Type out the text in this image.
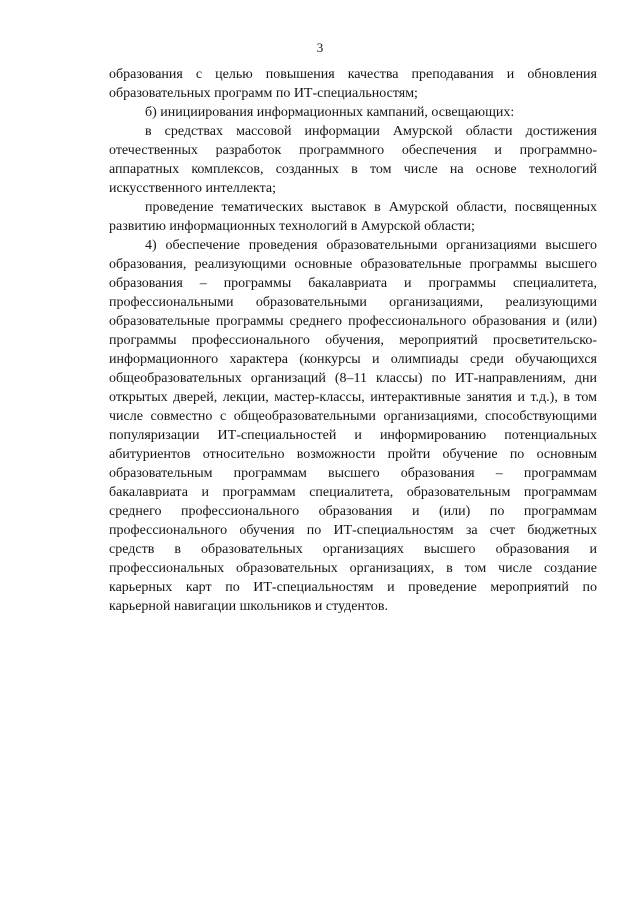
3
образования с целью повышения качества преподавания и обновления
образовательных программ по ИТ-специальностям;
б) инициирования информационных кампаний, освещающих:
в средствах массовой информации Амурской области достижения
отечественных разработок программного обеспечения и программно-
аппаратных комплексов, созданных в том числе на основе технологий
искусственного интеллекта;
проведение тематических выставок в Амурской области, посвященных
развитию информационных технологий в Амурской области;
4) обеспечение проведения образовательными организациями высшего
образования, реализующими основные образовательные программы высшего
образования – программы бакалавриата и программы специалитета,
профессиональными образовательными организациями, реализующими
образовательные программы среднего профессионального образования и (или)
программы профессионального обучения, мероприятий просветительско-
информационного характера (конкурсы и олимпиады среди обучающихся
общеобразовательных организаций (8–11 классы) по ИТ-направлениям, дни
открытых дверей, лекции, мастер-классы, интерактивные занятия и т.д.), в том
числе совместно с общеобразовательными организациями, способствующими
популяризации ИТ-специальностей и информированию потенциальных
абитуриентов относительно возможности пройти обучение по основным
образовательным программам высшего образования – программам
бакалавриата и программам специалитета, образовательным программам
среднего профессионального образования и (или) по программам
профессионального обучения по ИТ-специальностям за счет бюджетных
средств в образовательных организациях высшего образования и
профессиональных образовательных организациях, в том числе создание
карьерных карт по ИТ-специальностям и проведение мероприятий по
карьерной навигации школьников и студентов.
